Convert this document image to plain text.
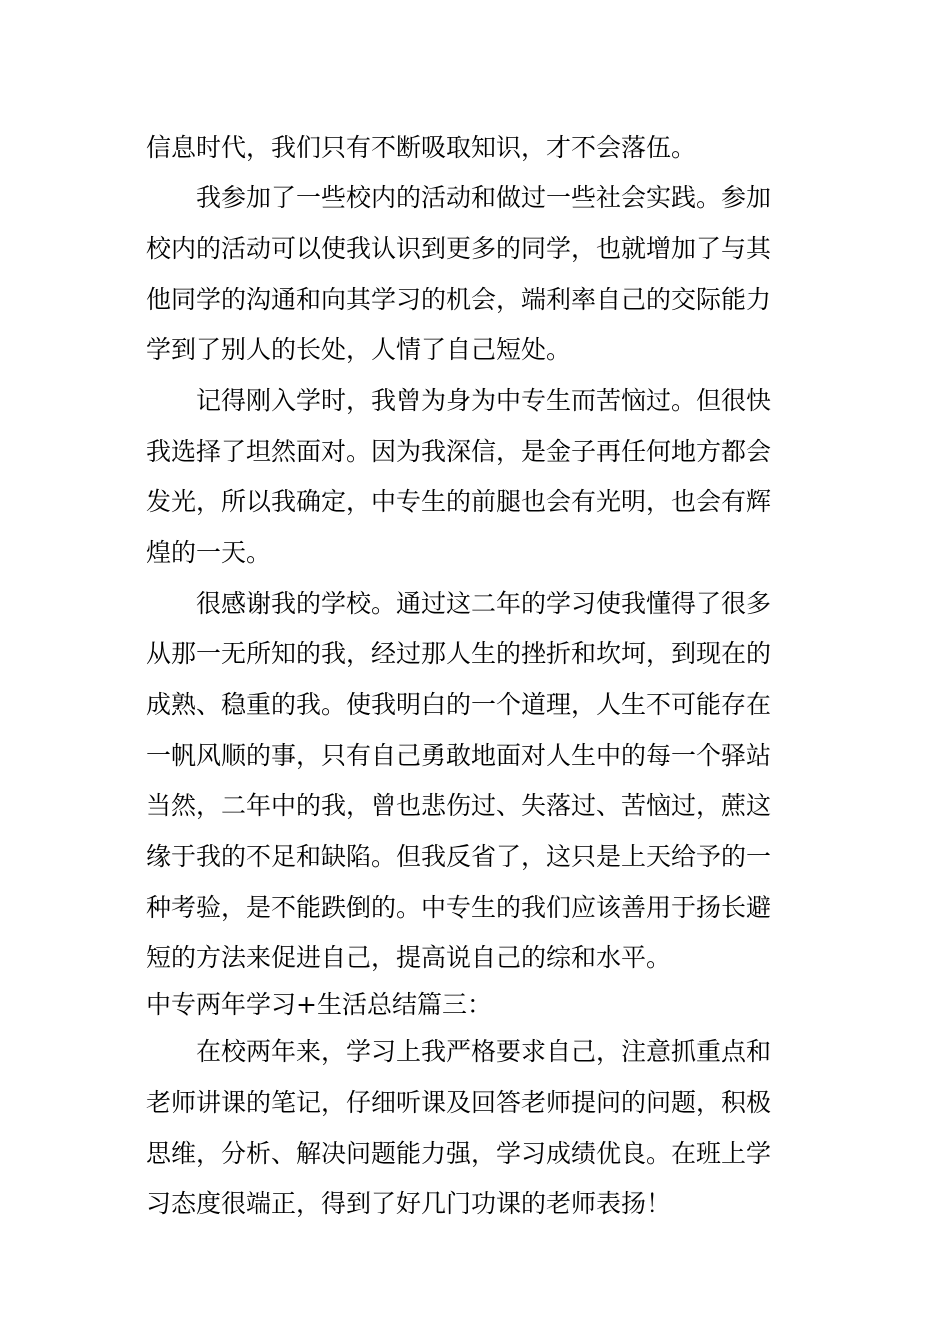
信息时代，我们只有不断吸取知识，才不会落伍。

我参加了一些校内的活动和做过一些社会实践。参加

校内的活动可以使我认识到更多的同学，也就增加了与其

他同学的沟通和向其学习的机会，端利率自己的交际能力

学到了别人的长处，人情了自己短处。

记得刚入学时，我曾为身为中专生而苦恼过。但很快

我选择了坦然面对。因为我深信，是金子再任何地方都会

发光，所以我确定，中专生的前腿也会有光明，也会有辉

煌的一天。

很感谢我的学校。通过这二年的学习使我懂得了很多

从那一无所知的我，经过那人生的挫折和坎坷，到现在的

成熟、稳重的我。使我明白的一个道理，人生不可能存在

一帆风顺的事，只有自己勇敢地面对人生中的每一个驿站

当然，二年中的我，曾也悲伤过、失落过、苦恼过，蔗这

缘于我的不足和缺陷。但我反省了，这只是上天给予的一

种考验，是不能跌倒的。中专生的我们应该善用于扬长避

短的方法来促进自己，提高说自己的综和水平。

中专两年学习+生活总结篇三：

在校两年来，学习上我严格要求自己，注意抓重点和

老师讲课的笔记，仔细听课及回答老师提问的问题，积极

思维，分析、解决问题能力强，学习成绩优良。在班上学

习态度很端正，得到了好几门功课的老师表扬！
